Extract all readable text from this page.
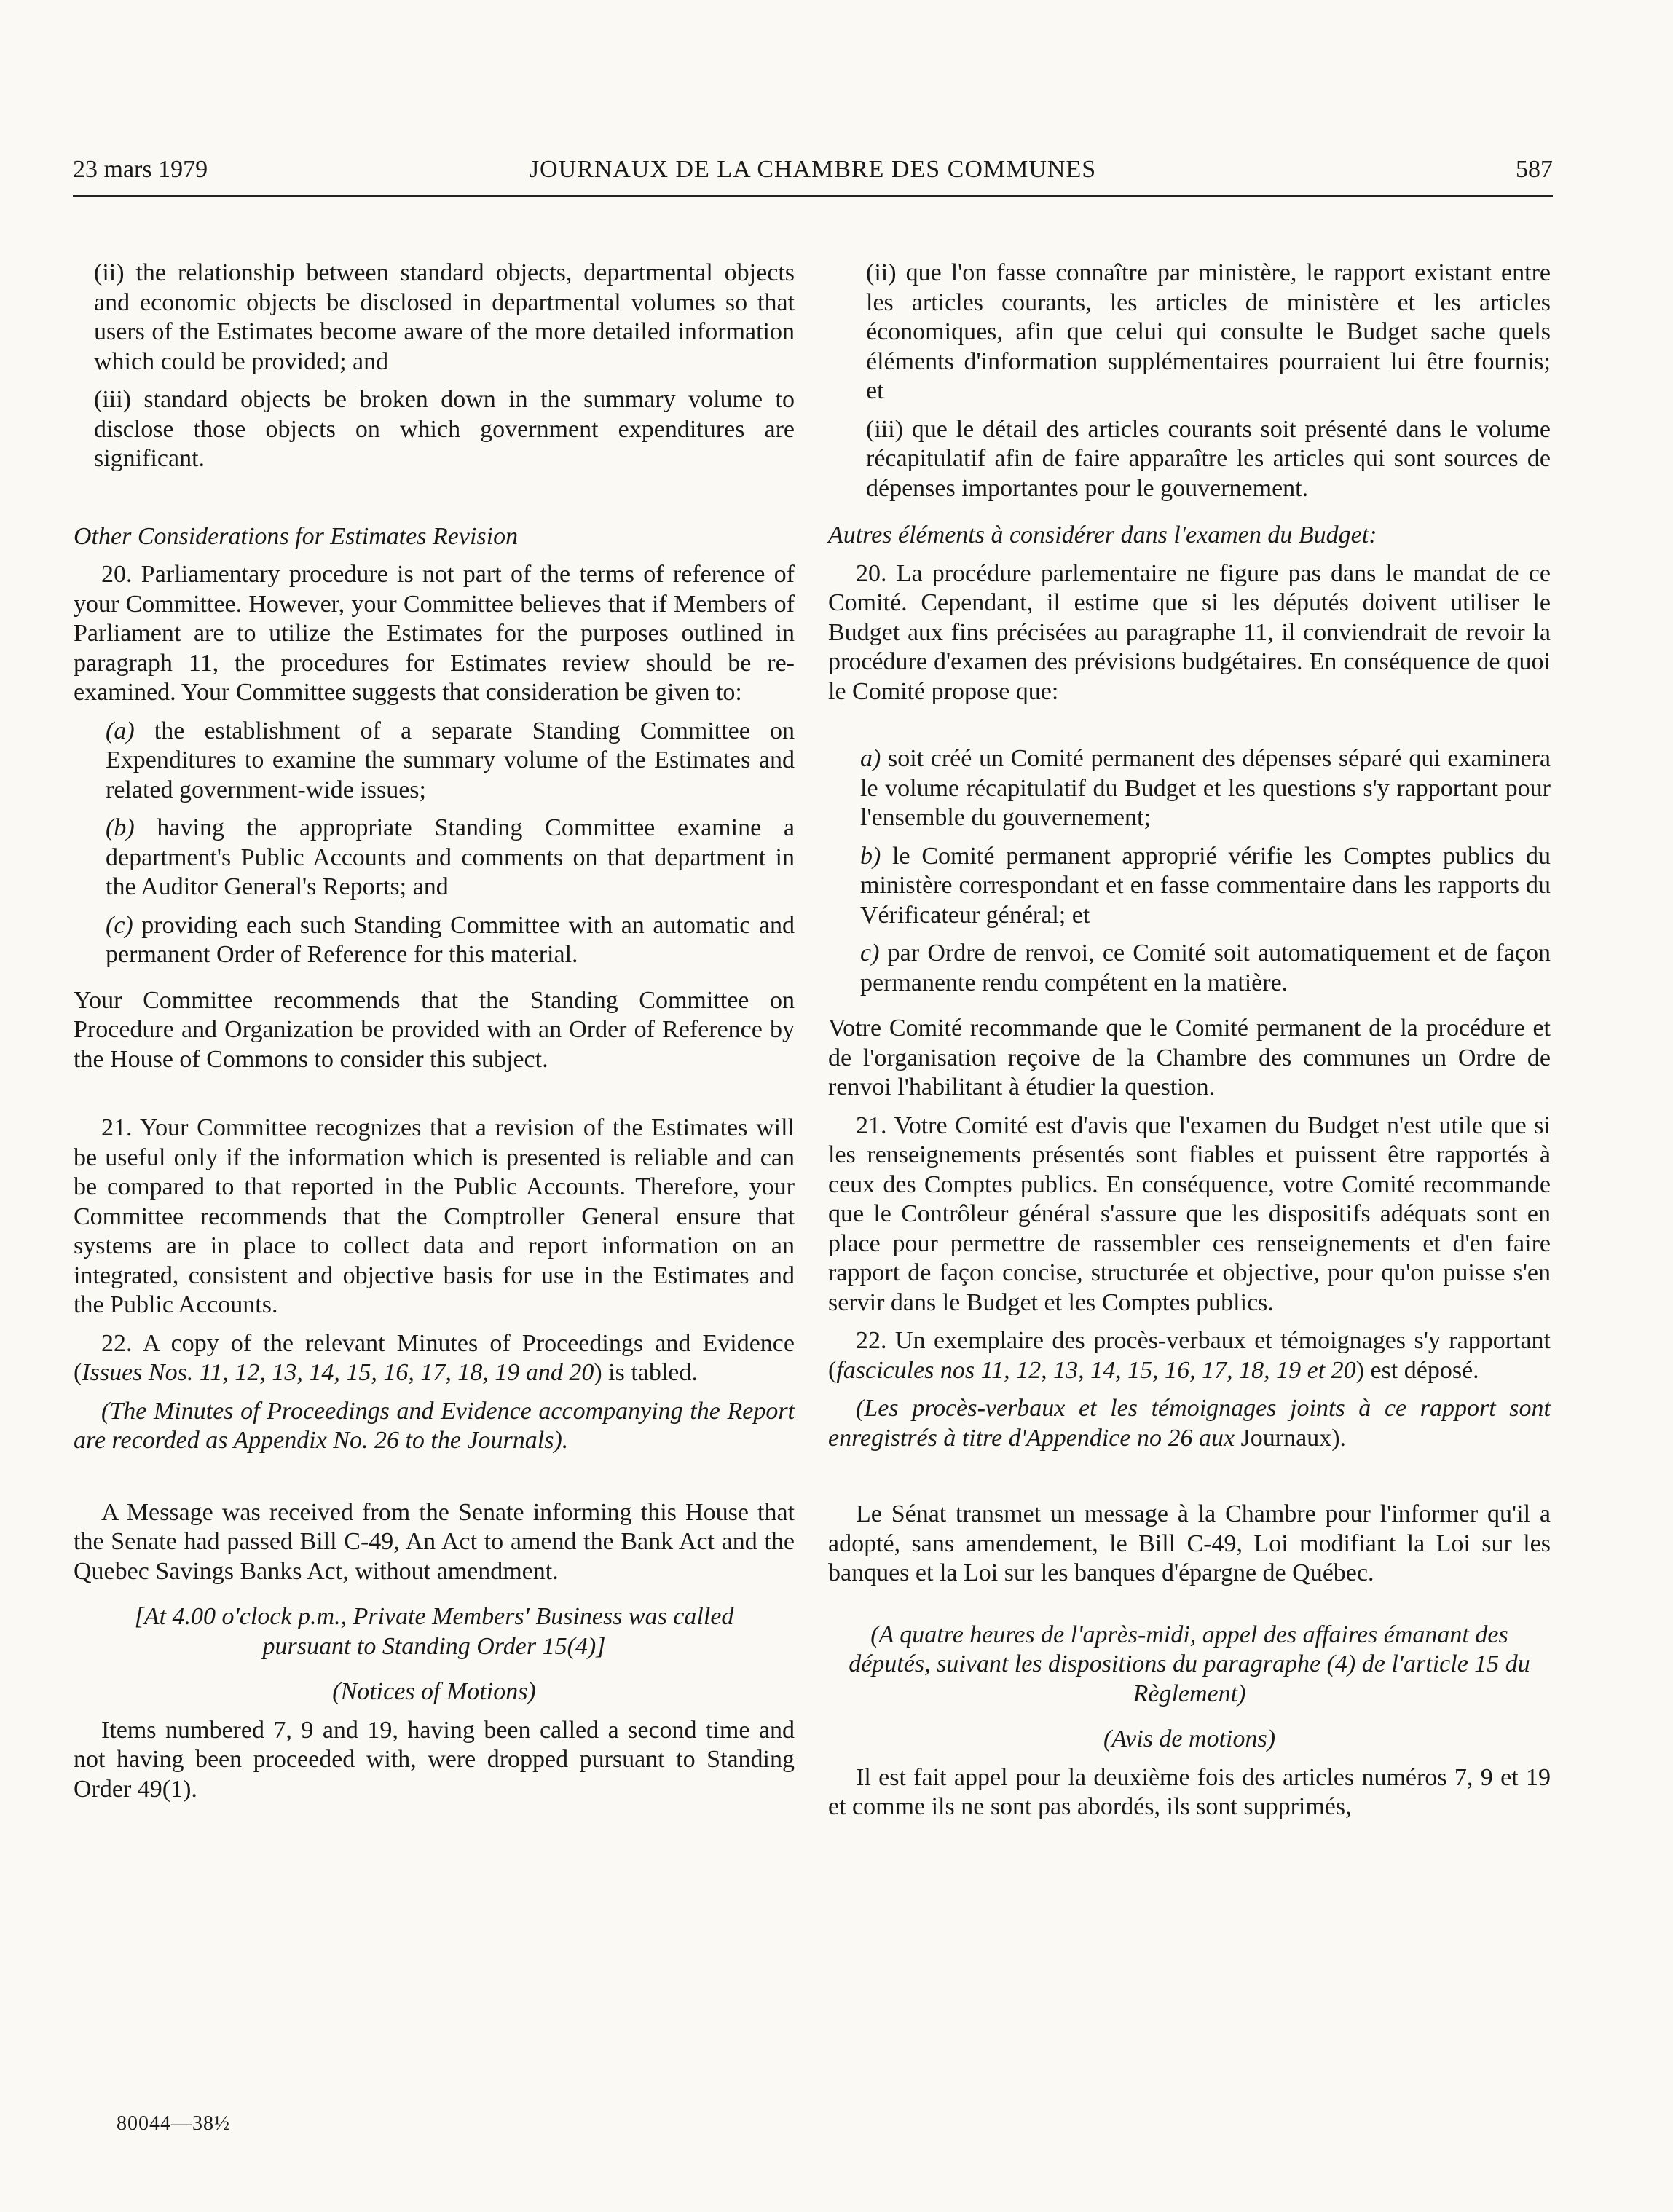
23 mars 1979	JOURNAUX DE LA CHAMBRE DES COMMUNES	587

(ii) the relationship between standard objects, departmental objects and economic objects be disclosed in departmental volumes so that users of the Estimates become aware of the more detailed information which could be provided; and

(iii) standard objects be broken down in the summary volume to disclose those objects on which government expenditures are significant.

Other Considerations for Estimates Revision

20. Parliamentary procedure is not part of the terms of reference of your Committee. However, your Committee believes that if Members of Parliament are to utilize the Estimates for the purposes outlined in paragraph 11, the procedures for Estimates review should be re-examined. Your Committee suggests that consideration be given to:

(a) the establishment of a separate Standing Committee on Expenditures to examine the summary volume of the Estimates and related government-wide issues;

(b) having the appropriate Standing Committee examine a department's Public Accounts and comments on that department in the Auditor General's Reports; and

(c) providing each such Standing Committee with an automatic and permanent Order of Reference for this material.

Your Committee recommends that the Standing Committee on Procedure and Organization be provided with an Order of Reference by the House of Commons to consider this subject.

21. Your Committee recognizes that a revision of the Estimates will be useful only if the information which is presented is reliable and can be compared to that reported in the Public Accounts. Therefore, your Committee recommends that the Comptroller General ensure that systems are in place to collect data and report information on an integrated, consistent and objective basis for use in the Estimates and the Public Accounts.

22. A copy of the relevant Minutes of Proceedings and Evidence (Issues Nos. 11, 12, 13, 14, 15, 16, 17, 18, 19 and 20) is tabled.

(The Minutes of Proceedings and Evidence accompanying the Report are recorded as Appendix No. 26 to the Journals).

A Message was received from the Senate informing this House that the Senate had passed Bill C-49, An Act to amend the Bank Act and the Quebec Savings Banks Act, without amendment.

[At 4.00 o'clock p.m., Private Members' Business was called pursuant to Standing Order 15(4)]

(Notices of Motions)

Items numbered 7, 9 and 19, having been called a second time and not having been proceeded with, were dropped pursuant to Standing Order 49(1).

(ii) que l'on fasse connaître par ministère, le rapport existant entre les articles courants, les articles de ministère et les articles économiques, afin que celui qui consulte le Budget sache quels éléments d'information supplémentaires pourraient lui être fournis; et

(iii) que le détail des articles courants soit présenté dans le volume récapitulatif afin de faire apparaître les articles qui sont sources de dépenses importantes pour le gouvernement.

Autres éléments à considérer dans l'examen du Budget:

20. La procédure parlementaire ne figure pas dans le mandat de ce Comité. Cependant, il estime que si les députés doivent utiliser le Budget aux fins précisées au paragraphe 11, il conviendrait de revoir la procédure d'examen des prévisions budgétaires. En conséquence de quoi le Comité propose que:

a) soit créé un Comité permanent des dépenses séparé qui examinera le volume récapitulatif du Budget et les questions s'y rapportant pour l'ensemble du gouvernement;

b) le Comité permanent approprié vérifie les Comptes publics du ministère correspondant et en fasse commentaire dans les rapports du Vérificateur général; et

c) par Ordre de renvoi, ce Comité soit automatiquement et de façon permanente rendu compétent en la matière.

Votre Comité recommande que le Comité permanent de la procédure et de l'organisation reçoive de la Chambre des communes un Ordre de renvoi l'habilitant à étudier la question.

21. Votre Comité est d'avis que l'examen du Budget n'est utile que si les renseignements présentés sont fiables et puissent être rapportés à ceux des Comptes publics. En conséquence, votre Comité recommande que le Contrôleur général s'assure que les dispositifs adéquats sont en place pour permettre de rassembler ces renseignements et d'en faire rapport de façon concise, structurée et objective, pour qu'on puisse s'en servir dans le Budget et les Comptes publics.

22. Un exemplaire des procès-verbaux et témoignages s'y rapportant (fascicules nos 11, 12, 13, 14, 15, 16, 17, 18, 19 et 20) est déposé.

(Les procès-verbaux et les témoignages joints à ce rapport sont enregistrés à titre d'Appendice no 26 aux Journaux).

Le Sénat transmet un message à la Chambre pour l'informer qu'il a adopté, sans amendement, le Bill C-49, Loi modifiant la Loi sur les banques et la Loi sur les banques d'épargne de Québec.

(A quatre heures de l'après-midi, appel des affaires émanant des députés, suivant les dispositions du paragraphe (4) de l'article 15 du Règlement)

(Avis de motions)

Il est fait appel pour la deuxième fois des articles numéros 7, 9 et 19 et comme ils ne sont pas abordés, ils sont supprimés,

80044—38½
